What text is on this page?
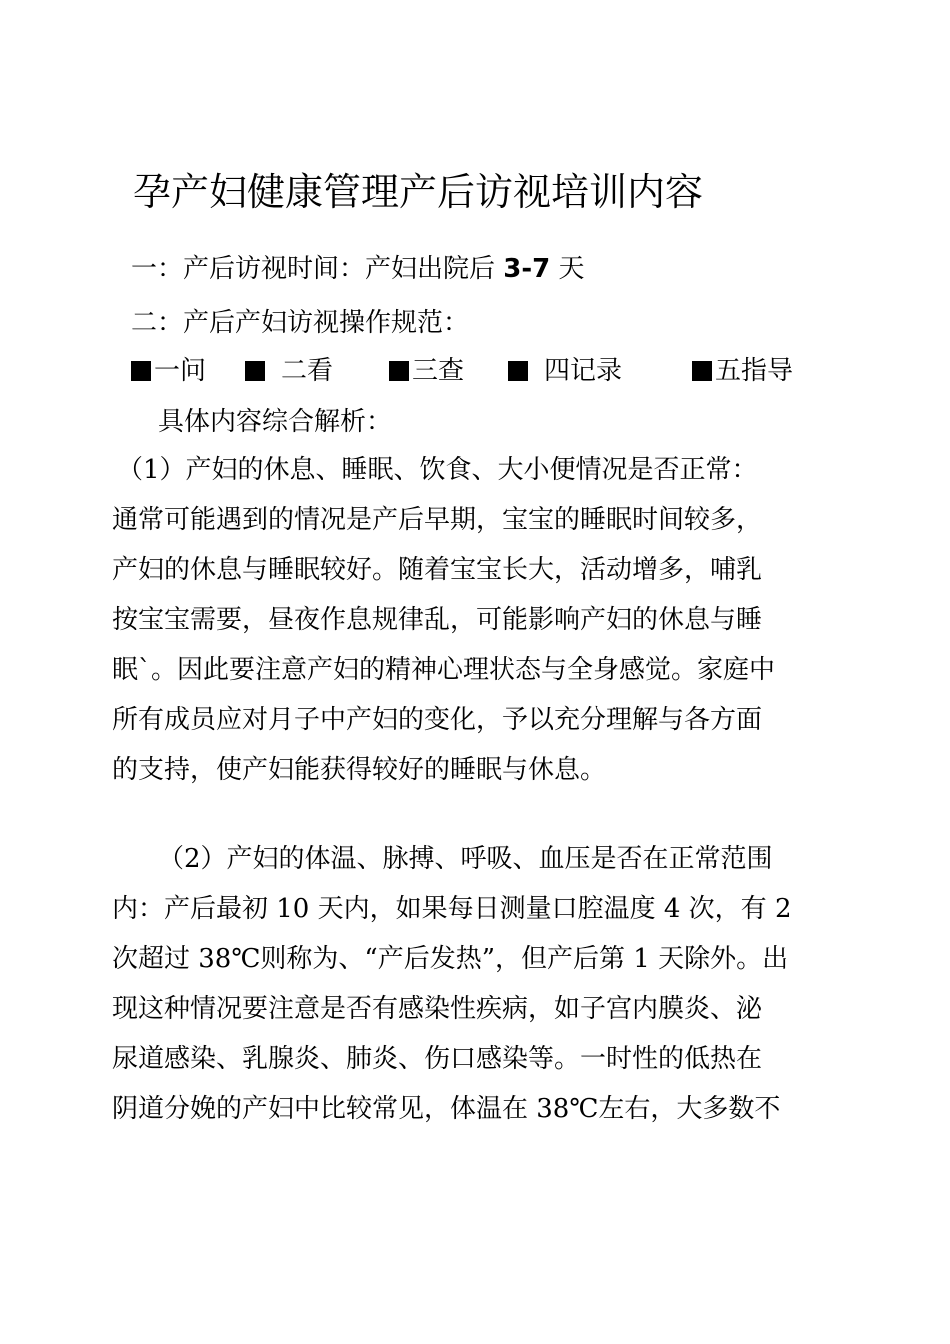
孕产妇健康管理产后访视培训内容
一：产后访视时间：产妇出院后 3-7 天
二：产后产妇访视操作规范：
一问	二看	三查	四记录	五指导
具体内容综合解析：
（1）产妇的休息、睡眠、饮食、大小便情况是否正常：
通常可能遇到的情况是产后早期，宝宝的睡眠时间较多，
产妇的休息与睡眠较好。随着宝宝长大，活动增多，哺乳
按宝宝需要，昼夜作息规律乱，可能影响产妇的休息与睡
眠`。因此要注意产妇的精神心理状态与全身感觉。家庭中
所有成员应对月子中产妇的变化，予以充分理解与各方面
的支持，使产妇能获得较好的睡眠与休息。
（2）产妇的体温、脉搏、呼吸、血压是否在正常范围
内：产后最初 10 天内，如果每日测量口腔温度 4 次，有 2
次超过 38℃则称为、“产后发热”，但产后第 1 天除外。出
现这种情况要注意是否有感染性疾病，如子宫内膜炎、泌
尿道感染、乳腺炎、肺炎、伤口感染等。一时性的低热在
阴道分娩的产妇中比较常见，体温在 38℃左右，大多数不
